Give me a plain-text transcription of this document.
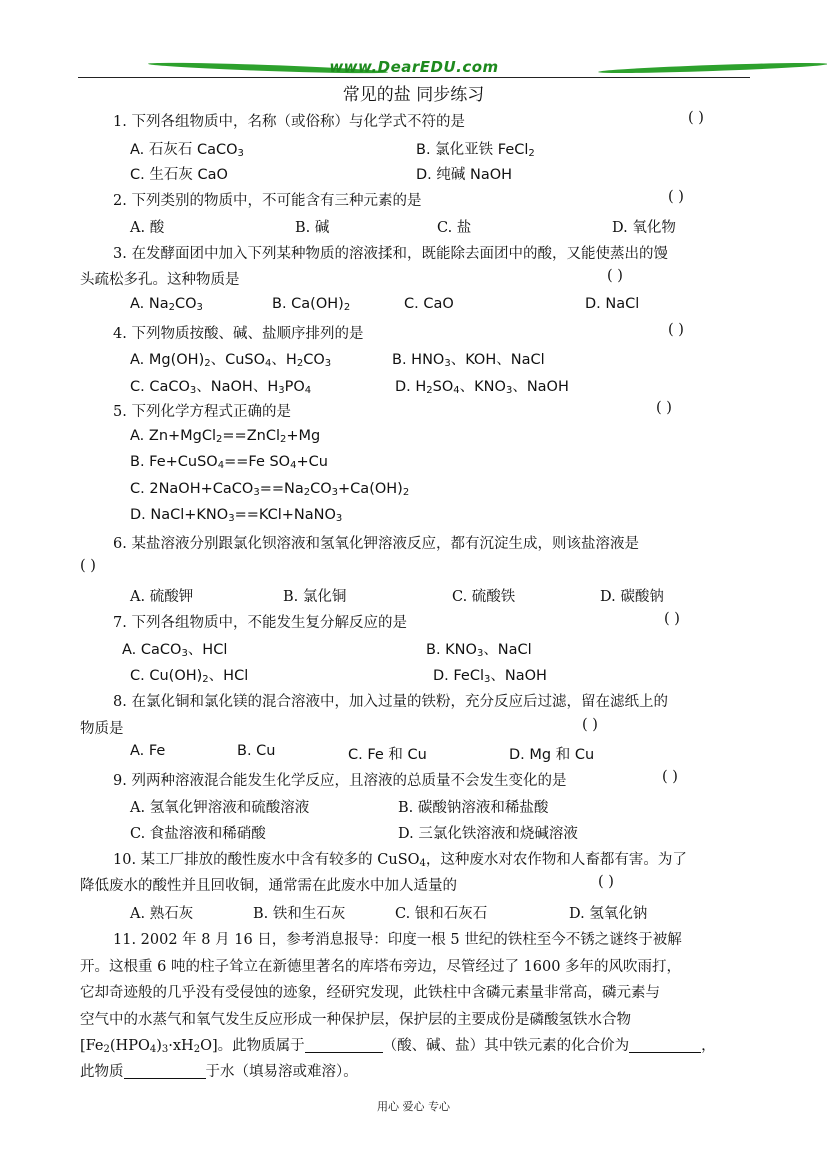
www.DearEDU.com
常见的盐 同步练习
1. 下列各组物质中，名称（或俗称）与化学式不符的是	( )
A. 石灰石 CaCO$_3$	B. 氯化亚铁 FeCl$_2$
C. 生石灰 CaO	D. 纯碱 NaOH
2. 下列类别的物质中，不可能含有三种元素的是	( )
A. 酸	B. 碱	C. 盐	D. 氧化物
3. 在发酵面团中加入下列某种物质的溶液揉和，既能除去面团中的酸，又能使蒸出的馒
头疏松多孔。这种物质是	( )
A. $Na_2CO_3$	B. $Ca(OH)_2$	C. CaO	D. NaCl
4. 下列物质按酸、碱、盐顺序排列的是	( )
A. $Mg(OH)_2$、CuSO$_4$、$H_2CO_3$	B. $HNO_3$、KOH、NaCl
C. CaCO$_3$、NaOH、$H_3PO_4$	D. $H_2SO_4$、$KNO_3$、NaOH
5. 下列化学方程式正确的是	( )
A. Zn+MgCl$_2$==ZnCl$_2$+Mg
B. Fe+CuSO$_4$==Fe $SO_4+Cu$
C. $2NaOH+CaCO_3==Na_2CO_3+Ca(OH)_2$
D. $NaCl+KNO_3==KCl+NaNO_3$
6. 某盐溶液分别跟氯化钡溶液和氢氧化钾溶液反应，都有沉淀生成，则该盐溶液是
( )
A. 硫酸钾	B. 氯化铜	C. 硫酸铁	D. 碳酸钠
7. 下列各组物质中，不能发生复分解反应的是	( )
A. CaCO$_3$、HCl	B. $KNO_3$、NaCl
C. $Cu(OH)_2$、HCl	D. FeCl$_3$、NaOH
8. 在氯化铜和氯化镁的混合溶液中，加入过量的铁粉，充分反应后过滤，留在滤纸上的
物质是	( )
A. Fe	B. Cu	C. Fe 和 Cu	D. Mg 和 Cu
9. 列两种溶液混合能发生化学反应，且溶液的总质量不会发生变化的是	( )
A. 氢氧化钾溶液和硫酸溶液	B. 碳酸钠溶液和稀盐酸
C. 食盐溶液和稀硝酸	D. 三氯化铁溶液和烧碱溶液
10. 某工厂排放的酸性废水中含有较多的 CuSO$_4$，这种废水对农作物和人畜都有害。为了
降低废水的酸性并且回收铜，通常需在此废水中加人适量的	( )
A. 熟石灰	B. 铁和生石灰	C. 银和石灰石	D. 氢氧化钠
11. 2002 年 8 月 16 日，参考消息报导：印度一根 5 世纪的铁柱至今不锈之谜终于被解
开。这根重 6 吨的柱子耸立在新德里著名的库塔布旁边，尽管经过了 1600 多年的风吹雨打，
它却奇迹般的几乎没有受侵蚀的迹象，经研究发现，此铁柱中含磷元素量非常高，磷元素与
空气中的水蒸气和氧气发生反应形成一种保护层，保护层的主要成份是磷酸氢铁水合物
$[Fe_2(HPO_4)_3\cdot xH_2O]$。此物质属于	（酸、碱、盐）其中铁元素的化合价为	，
此物质	于水（填易溶或难溶）。
用心 爱心 专心
